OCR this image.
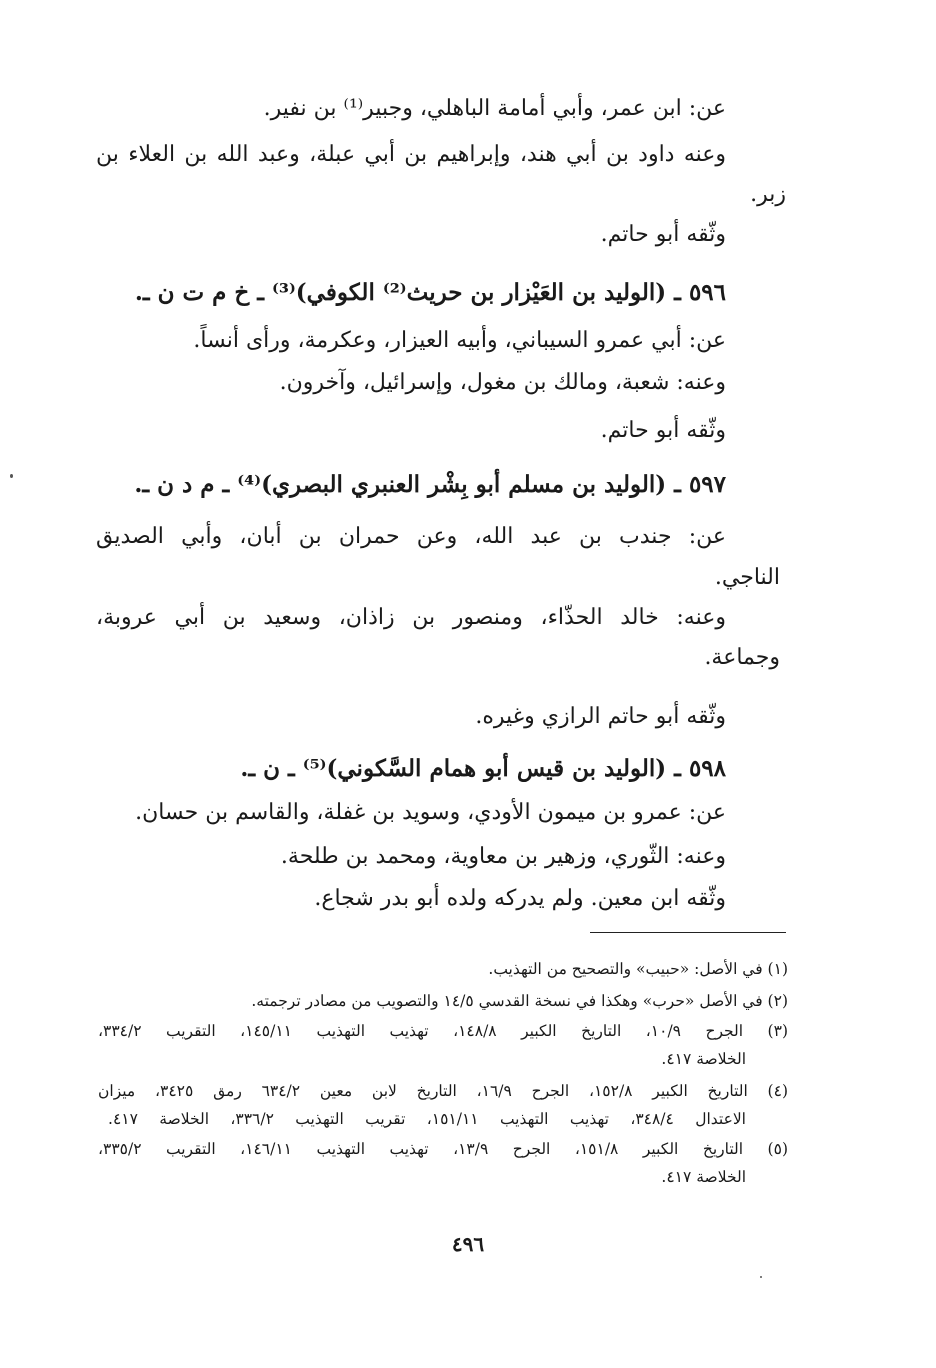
عن: ابن عمر، وأبي أمامة الباهلي، وجبير⁽¹⁾ بن نفير.
وعنه داود بن أبي هند، وإبراهيم بن أبي عبلة، وعبد الله بن العلاء بن
زبر.
وثّقه أبو حاتم.
٥٩٦ ـ (الوليد بن العَيْزار بن حريث⁽²⁾ الكوفي)⁽³⁾ ـ خ م ت ن ـ.
عن: أبي عمرو السيباني، وأبيه العيزار، وعكرمة، ورأى أنساً.
وعنه: شعبة، ومالك بن مغول، وإسرائيل، وآخرون.
وثّقه أبو حاتم.
٥٩٧ ـ (الوليد بن مسلم أبو بِشْر العنبري البصري)⁽⁴⁾ ـ م د ن ـ.
عن: جندب بن عبد الله، وعن حمران بن أبان، وأبي الصديق
الناجي.
وعنه: خالد الحذّاء، ومنصور بن زاذان، وسعيد بن أبي عروبة،
وجماعة.
وثّقه أبو حاتم الرازي وغيره.
٥٩٨ ـ (الوليد بن قيس أبو همام السَّكوني)⁽⁵⁾ ـ ن ـ.
عن: عمرو بن ميمون الأودي، وسويد بن غفلة، والقاسم بن حسان.
وعنه: الثّوري، وزهير بن معاوية، ومحمد بن طلحة.
وثّقه ابن معين. ولم يدركه ولده أبو بدر شجاع.
(١) في الأصل: «حبيب» والتصحيح من التهذيب.
(٢) في الأصل «حرب» وهكذا في نسخة القدسي ١٤/٥ والتصويب من مصادر ترجمته.
(٣) الجرح ١٠/٩، التاريخ الكبير ١٤٨/٨، تهذيب التهذيب ١٤٥/١١، التقريب ٣٣٤/٢،
الخلاصة ٤١٧.
(٤) التاريخ الكبير ١٥٢/٨، الجرح ١٦/٩، التاريخ لابن معين ٦٣٤/٢ رمق ٣٤٢٥، ميزان
الاعتدال ٣٤٨/٤، تهذيب التهذيب ١٥١/١١، تقريب التهذيب ٣٣٦/٢، الخلاصة ٤١٧.
(٥) التاريخ الكبير ١٥١/٨، الجرح ١٣/٩، تهذيب التهذيب ١٤٦/١١، التقريب ٣٣٥/٢،
الخلاصة ٤١٧.
٤٩٦
